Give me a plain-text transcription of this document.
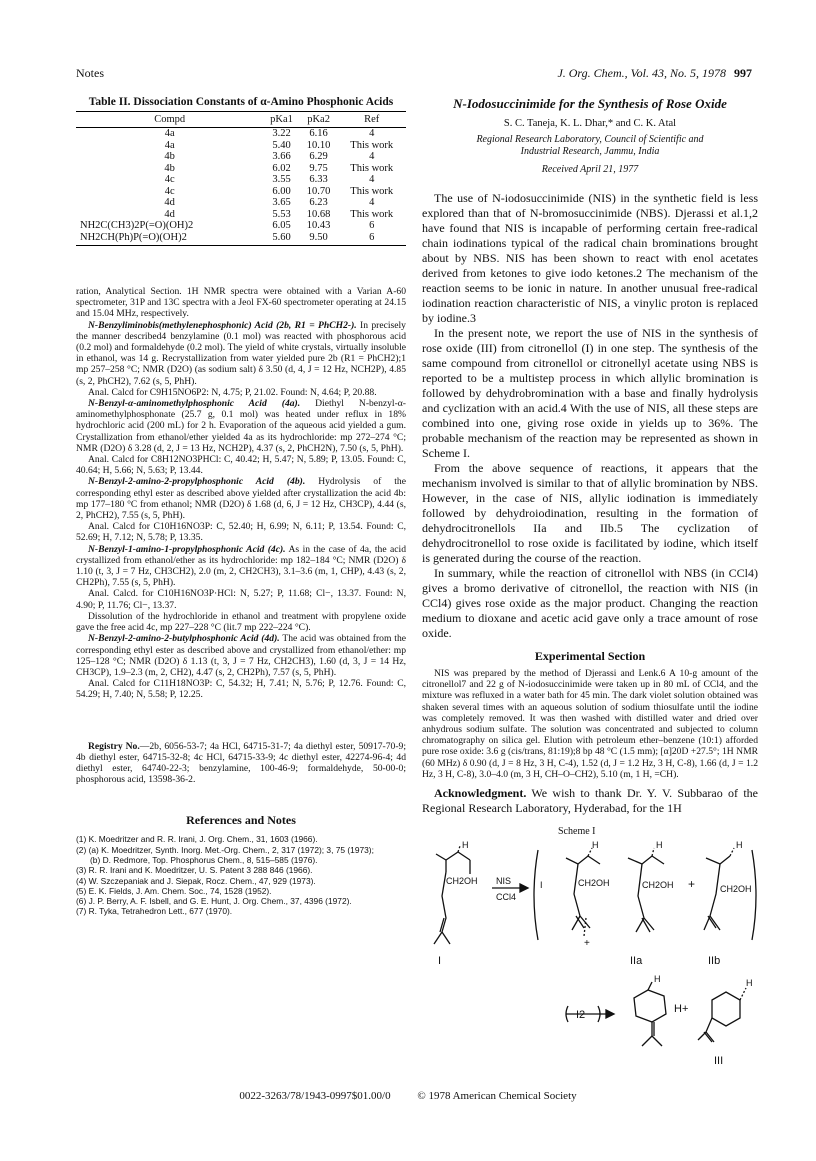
Notes	J. Org. Chem., Vol. 43, No. 5, 1978 997
Table II. Dissociation Constants of α-Amino Phosphonic Acids
Compd	pKa1	pKa2	Ref
4a	3.22	6.16	4
4a	5.40	10.10	This work
4b	3.66	6.29	4
4b	6.02	9.75	This work
4c	3.55	6.33	4
4c	6.00	10.70	This work
4d	3.65	6.23	4
4d	5.53	10.68	This work
NH2C(CH3)2P(=O)(OH)2	6.05	10.43	6
NH2CH(Ph)P(=O)(OH)2	5.60	9.50	6

ration, Analytical Section. 1H NMR spectra were obtained with a Varian A-60 spectrometer, 31P and 13C spectra with a Jeol FX-60 spectrometer operating at 24.15 and 15.04 MHz, respectively.

N-Benzyliminobis(methylenephosphonic) Acid (2b, R1 = PhCH2-). In precisely the manner described4 benzylamine (0.1 mol) was reacted with phosphorous acid (0.2 mol) and formaldehyde (0.2 mol). The yield of white crystals, virtually insoluble in ethanol, was 14 g. Recrystallization from water yielded pure 2b (R1 = PhCH2);1 mp 257–258 °C; NMR (D2O) (as sodium salt) δ 3.50 (d, 4, J = 12 Hz, NCH2P), 4.85 (s, 2, PhCH2), 7.62 (s, 5, PhH).

Anal. Calcd for C9H15NO6P2: N, 4.75; P, 21.02. Found: N, 4.64; P, 20.88.

N-Benzyl-α-aminomethylphosphonic Acid (4a). Diethyl N-benzyl-α-aminomethylphosphonate (25.7 g, 0.1 mol) was heated under reflux in 18% hydrochloric acid (200 mL) for 2 h. Evaporation of the aqueous acid yielded a gum. Crystallization from ethanol/ether yielded 4a as its hydrochloride: mp 272–274 °C; NMR (D2O) δ 3.28 (d, 2, J = 13 Hz, NCH2P), 4.37 (s, 2, PhCH2N), 7.50 (s, 5, PhH).

Anal. Calcd for C8H12NO3PHCl: C, 40.42; H, 5.47; N, 5.89; P, 13.05. Found: C, 40.64; H, 5.66; N, 5.63; P, 13.44.

N-Benzyl-2-amino-2-propylphosphonic Acid (4b). Hydrolysis of the corresponding ethyl ester as described above yielded after crystallization the acid 4b: mp 177–180 °C from ethanol; NMR (D2O) δ 1.68 (d, 6, J = 12 Hz, CH3CP), 4.44 (s, 2, PhCH2), 7.55 (s, 5, PhH).

Anal. Calcd for C10H16NO3P: C, 52.40; H, 6.99; N, 6.11; P, 13.54. Found: C, 52.69; H, 7.12; N, 5.78; P, 13.35.

N-Benzyl-1-amino-1-propylphosphonic Acid (4c). As in the case of 4a, the acid crystallized from ethanol/ether as its hydrochloride: mp 182–184 °C; NMR (D2O) δ 1.10 (t, 3, J = 7 Hz, CH3CH2), 2.0 (m, 2, CH2CH3), 3.1–3.6 (m, 1, CHP), 4.43 (s, 2, CH2Ph), 7.55 (s, 5, PhH).

Anal. Calcd. for C10H16NO3P·HCl: N, 5.27; P, 11.68; Cl−, 13.37. Found: N, 4.90; P, 11.76; Cl−, 13.37.

Dissolution of the hydrochloride in ethanol and treatment with propylene oxide gave the free acid 4c, mp 227–228 °C (lit.7 mp 222–224 °C).

N-Benzyl-2-amino-2-butylphosphonic Acid (4d). The acid was obtained from the corresponding ethyl ester as described above and crystallized from ethanol/ether: mp 125–128 °C; NMR (D2O) δ 1.13 (t, 3, J = 7 Hz, CH2CH3), 1.60 (d, 3, J = 14 Hz, CH3CP), 1.9–2.3 (m, 2, CH2), 4.47 (s, 2, CH2Ph), 7.57 (s, 5, PhH).

Anal. Calcd for C11H18NO3P: C, 54.32; H, 7.41; N, 5.76; P, 12.76. Found: C, 54.29; H, 7.40; N, 5.58; P, 12.25.

Registry No.—2b, 6056-53-7; 4a HCl, 64715-31-7; 4a diethyl ester, 50917-70-9; 4b diethyl ester, 64715-32-8; 4c HCl, 64715-33-9; 4c diethyl ester, 42274-96-4; 4d diethyl ester, 64740-22-3; benzylamine, 100-46-9; formaldehyde, 50-00-0; phosphorous acid, 13598-36-2.

References and Notes
(1) K. Moedritzer and R. R. Irani, J. Org. Chem., 31, 1603 (1966).
(2) (a) K. Moedritzer, Synth. Inorg. Met.-Org. Chem., 2, 317 (1972); 3, 75 (1973);
(b) D. Redmore, Top. Phosphorus Chem., 8, 515–585 (1976).
(3) R. R. Irani and K. Moedritzer, U. S. Patent 3 288 846 (1966).
(4) W. Szczepaniak and J. Siepak, Rocz. Chem., 47, 929 (1973).
(5) E. K. Fields, J. Am. Chem. Soc., 74, 1528 (1952).
(6) J. P. Berry, A. F. Isbell, and G. E. Hunt, J. Org. Chem., 37, 4396 (1972).
(7) R. Tyka, Tetrahedron Lett., 677 (1970).
N-Iodosuccinimide for the Synthesis of Rose Oxide
S. C. Taneja, K. L. Dhar,* and C. K. Atal
Regional Research Laboratory, Council of Scientific and
Industrial Research, Jammu, India
Received April 21, 1977

The use of N-iodosuccinimide (NIS) in the synthetic field is less explored than that of N-bromosuccinimide (NBS). Djerassi et al.1,2 have found that NIS is incapable of performing certain free-radical chain iodinations typical of the radical chain brominations brought about by NBS. NIS has been shown to react with enol acetates derived from ketones to give iodo ketones.2 The mechanism of the reaction seems to be ionic in nature. In another unusual free-radical iodination reaction characteristic of NIS, a vinylic proton is replaced by iodine.3

In the present note, we report the use of NIS in the synthesis of rose oxide (III) from citronellol (I) in one step. The synthesis of the same compound from citronellol or citronellyl acetate using NBS is reported to be a multistep process in which allylic bromination is followed by dehydrobromination with a base and finally hydrolysis and cyclization with an acid.4 With the use of NIS, all these steps are combined into one, giving rose oxide in yields up to 36%. The probable mechanism of the reaction may be represented as shown in Scheme I.

From the above sequence of reactions, it appears that the mechanism involved is similar to that of allylic bromination by NBS. However, in the case of NIS, allylic iodination is immediately followed by dehydroiodination, resulting in the formation of dehydrocitronellols IIa and IIb.5 The cyclization of dehydrocitronellol to rose oxide is facilitated by iodine, which itself is generated during the course of the reaction.

In summary, while the reaction of citronellol with NBS (in CCl4) gives a bromo derivative of citronellol, the reaction with NIS (in CCl4) gives rose oxide as the major product. Changing the reaction medium to dioxane and acetic acid gave only a trace amount of rose oxide.

Experimental Section

NIS was prepared by the method of Djerassi and Lenk.6 A 10-g amount of the citronellol7 and 22 g of N-iodosuccinimide were taken up in 80 mL of CCl4, and the mixture was refluxed in a water bath for 45 min. The dark violet solution obtained was shaken several times with an aqueous solution of sodium thiosulfate until the iodine was completely removed. It was then washed with distilled water and dried over anhydrous sodium sulfate. The solution was concentrated and subjected to column chromatography on silica gel. Elution with petroleum ether–benzene (10:1) afforded pure rose oxide: 3.6 g (cis/trans, 81:19);8 bp 48 °C (1.5 mm); [α]20D +27.5°; 1H NMR (60 MHz) δ 0.90 (d, J = 8 Hz, 3 H, C-4), 1.52 (d, J = 1.2 Hz, 3 H, C-8), 1.66 (d, J = 1.2 Hz, 3 H, C-8), 3.0–4.0 (m, 3 H, CH–O–CH2), 5.10 (m, 1 H, =CH).

Acknowledgment. We wish to thank Dr. Y. V. Subbarao of the Regional Research Laboratory, Hyderabad, for the 1H

Scheme I
H
CH2OH NIS
CCl4
H
CH2OH
I
H
CH2OH +
H
CH2OH
+
I	IIa	IIb
I2
H
H+
H
III
0022-3263/78/1943-0997$01.00/0 © 1978 American Chemical Society
